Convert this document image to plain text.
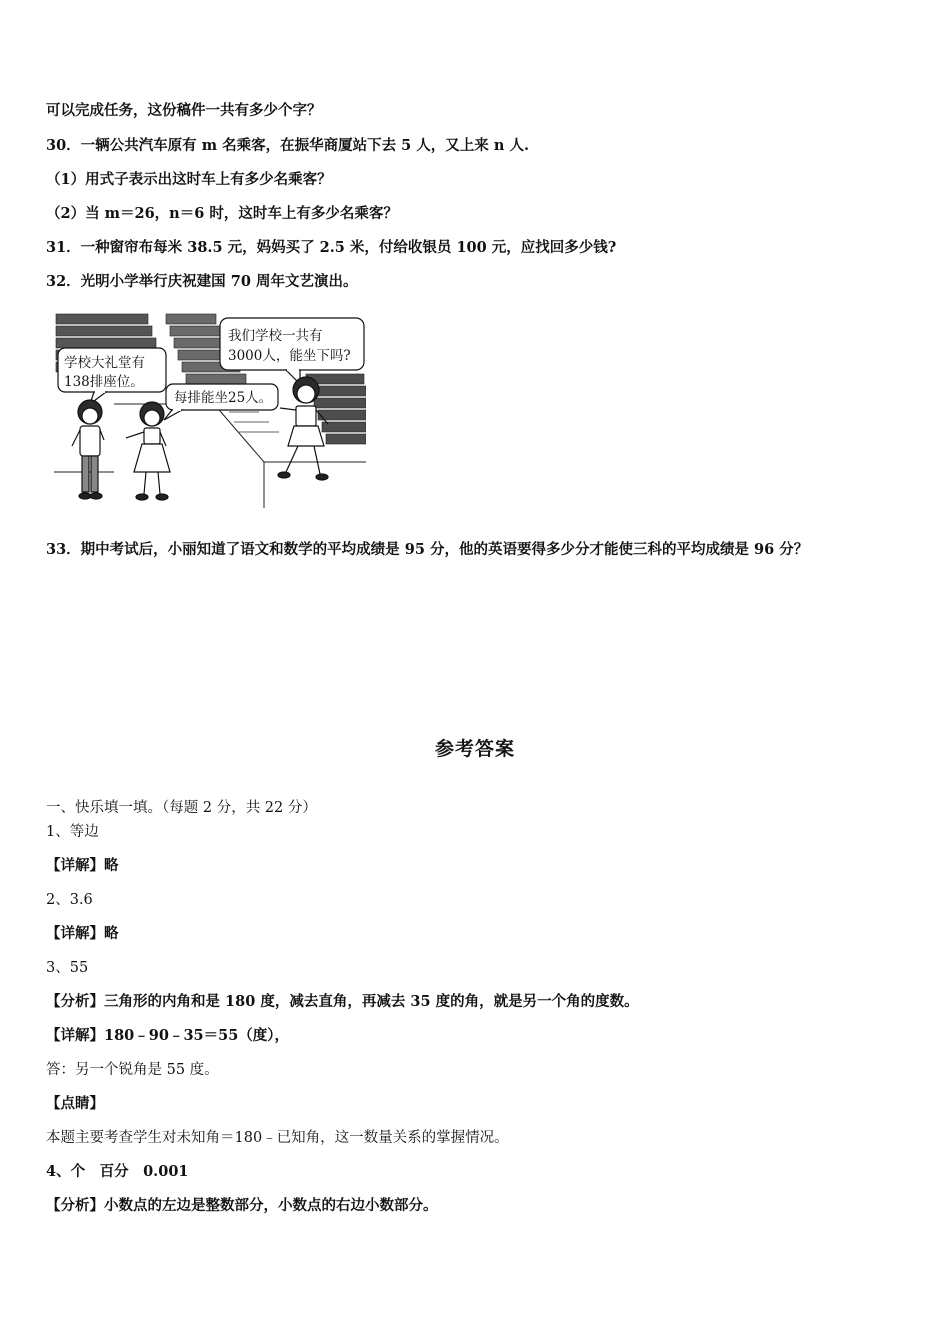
可以完成任务，这份稿件一共有多少个字？
30．一辆公共汽车原有 m 名乘客，在振华商厦站下去 5 人，又上来 n 人.
（1）用式子表示出这时车上有多少名乘客？
（2）当 m＝26，n＝6 时，这时车上有多少名乘客？
31．一种窗帘布每米 38.5 元，妈妈买了 2.5 米，付给收银员 100 元，应找回多少钱?
32．光明小学举行庆祝建国 70 周年文艺演出。
学校大礼堂有
138排座位。
每排能坐25人。
我们学校一共有
3000人，能坐下吗?
33．期中考试后，小丽知道了语文和数学的平均成绩是 95 分，他的英语要得多少分才能使三科的平均成绩是 96 分？
参考答案
一、快乐填一填。（每题 2 分，共 22 分）
1、等边
【详解】略
2、3.6
【详解】略
3、55
【分析】三角形的内角和是 180 度，减去直角，再减去 35 度的角，就是另一个角的度数。
【详解】180﹣90﹣35＝55（度），
答：另一个锐角是 55 度。
【点睛】
本题主要考查学生对未知角＝180﹣已知角，这一数量关系的掌握情况。
4、个　百分　0.001
【分析】小数点的左边是整数部分，小数点的右边小数部分。
